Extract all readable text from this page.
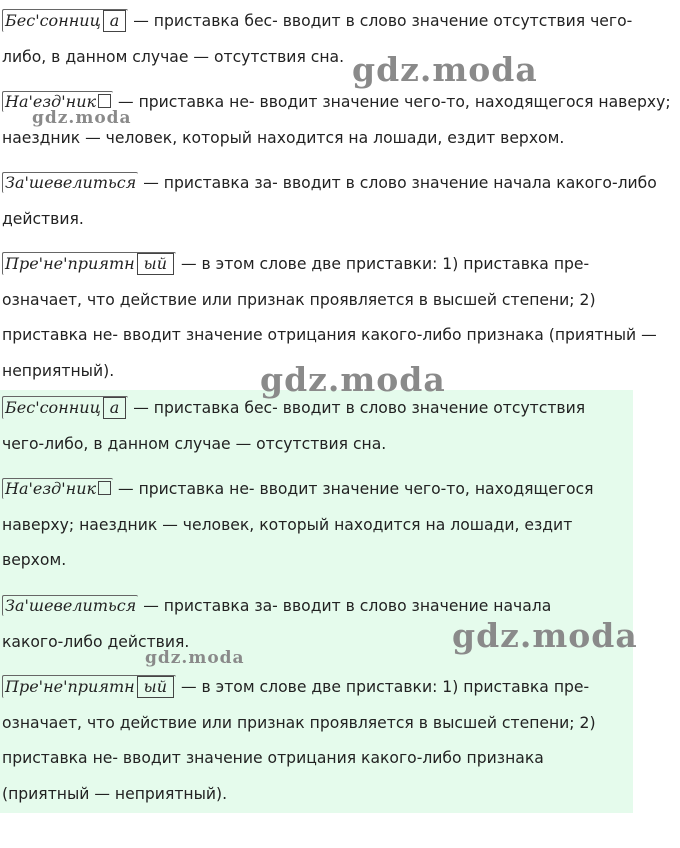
Бес'сонниц а — приставка бес- вводит в слово значение отсутствия чего-либо, в данном случае — отсутствия сна.

На'езд'ник — приставка не- вводит значение чего-то, находящегося наверху; наездник — человек, который находится на лошади, ездит верхом.

За'шевелиться — приставка за- вводит в слово значение начала какого-либо действия.

Пре'не'приятн ый — в этом слове две приставки: 1) приставка пре- означает, что действие или признак проявляется в высшей степени; 2) приставка не- вводит значение отрицания какого-либо признака (приятный — неприятный).

Бес'сонниц а — приставка бес- вводит в слово значение отсутствия чего-либо, в данном случае — отсутствия сна.

На'езд'ник — приставка не- вводит значение чего-то, находящегося наверху; наездник — человек, который находится на лошади, ездит верхом.

За'шевелиться — приставка за- вводит в слово значение начала какого-либо действия.

Пре'не'приятн ый — в этом слове две приставки: 1) приставка пре- означает, что действие или признак проявляется в высшей степени; 2) приставка не- вводит значение отрицания какого-либо признака (приятный — неприятный).

gdz.moda
gdz.moda
gdz.moda
gdz.moda
gdz.moda
